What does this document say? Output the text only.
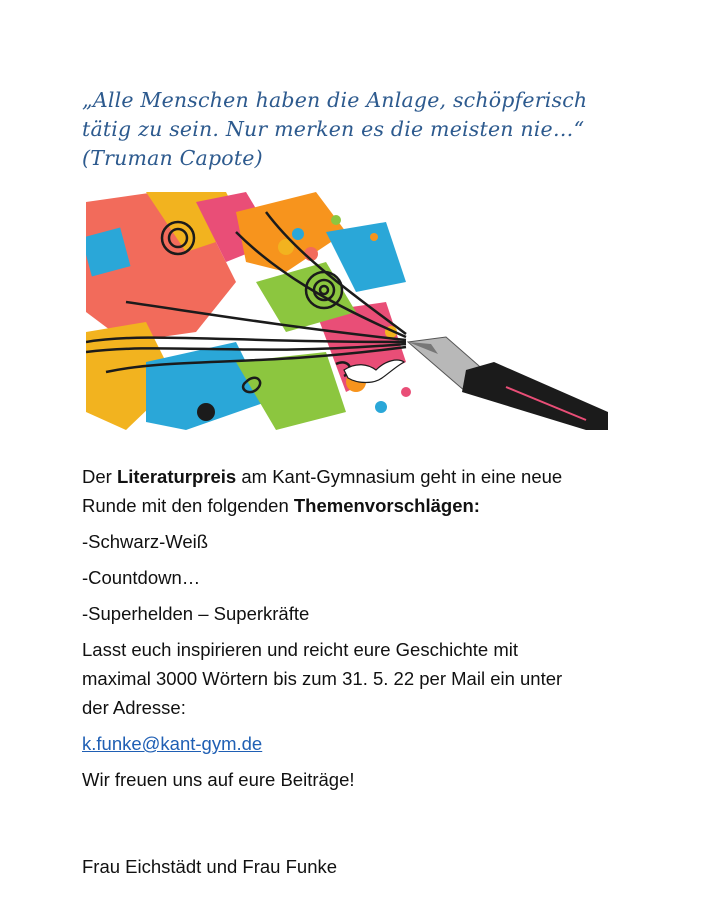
„Alle Menschen haben die Anlage, schöpferisch
tätig zu sein. Nur merken es die meisten nie…“
(Truman Capote)

Der Literaturpreis am Kant-Gymnasium geht in eine neue
Runde mit den folgenden Themenvorschlägen:

-Schwarz-Weiß

-Countdown…

-Superhelden – Superkräfte

Lasst euch inspirieren und reicht eure Geschichte mit
maximal 3000 Wörtern bis zum 31. 5. 22 per Mail ein unter
der Adresse:

k.funke@kant-gym.de

Wir freuen uns auf eure Beiträge!

Frau Eichstädt und Frau Funke
